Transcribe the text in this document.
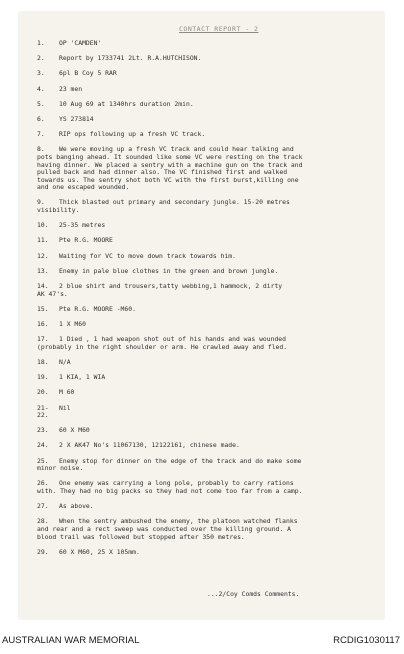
CONTACT REPORT - 2
1.	OP 'CAMDEN'
2.	Report by 1733741 2Lt. R.A.HUTCHISON.
3.	6pl B Coy 5 RAR
4.	23 men
5.	10 Aug 69 at 1340hrs duration 2min.
6.	YS 273814
7.	RIP ops following up a fresh VC track.
8.	We were moving up a fresh VC track and could hear talking and
pots banging ahead. It sounded like some VC were resting on the track
having dinner. We placed a sentry with a machine gun on the track and
pulled back and had dinner also. The VC finished first and walked
towards us. The sentry shot both VC with the first burst,killing one
and one escaped wounded.
9.	Thick blasted out primary and secondary jungle. 15-20 metres
visibility.
10.	25-35 metres
11.	Pte R.G. MOORE
12.	Waiting for VC to move down track towards him.
13.	Enemy in pale blue clothes in the green and brown jungle.
14.	2 blue shirt and trousers,tatty webbing,1 hammock, 2 dirty
AK 47's.
15.	Pte R.G. MOORE -M60.
16.	1 X M60
17.	1 Died , 1 had weapon shot out of his hands and was wounded
(probably in the right shoulder or arm. He crawled away and fled.
18.	N/A
19.	1 KIA, 1 WIA
20.	M 60
21-22.
Nil
23.	60 X M60
24.	2 X AK47 No's 11067130, 12122161, chinese made.
25.	Enemy stop for dinner on the edge of the track and do make some
minor noise.
26.	One enemy was carrying a long pole, probably to carry rations
with. They had no big packs so they had not come too far from a camp.
27.	As above.
28.	When the sentry ambushed the enemy, the platoon watched flanks
and rear and a rect sweep was conducted over the killing ground. A
blood trail was followed but stopped after 350 metres.
29.	60 X M60, 25 X 105mm.
...2/Coy Comds Comments.
AUSTRALIAN WAR MEMORIAL	RCDIG1030117
